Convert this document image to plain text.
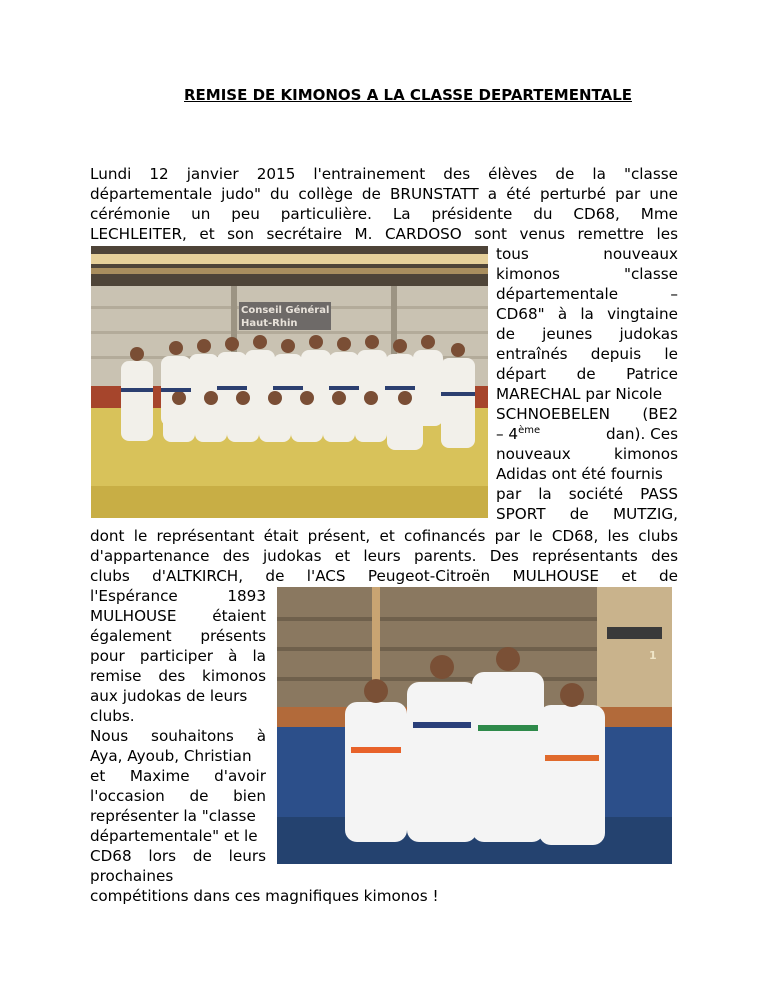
REMISE DE KIMONOS A LA CLASSE DEPARTEMENTALE

Lundi 12 janvier 2015 l'entrainement des élèves de la "classe

départementale judo" du collège de BRUNSTATT a été perturbé par une

cérémonie un peu particulière. La présidente du CD68, Mme

LECHLEITER, et son secrétaire M. CARDOSO sont venus remettre les

tous nouveaux

kimonos "classe

départementale –

CD68" à la vingtaine

de jeunes judokas

entraînés depuis le

départ de Patrice

MARECHAL par Nicole

SCHNOEBELEN (BE2

– 4ème	dan). Ces

nouveaux kimonos

Adidas ont été fournis

par la société PASS

SPORT de MUTZIG,

dont le représentant était présent, et cofinancés par le CD68, les clubs

d'appartenance des judokas et leurs parents. Des représentants des

clubs d'ALTKIRCH, de l'ACS Peugeot-Citroën MULHOUSE et de

l'Espérance 1893

MULHOUSE étaient

également présents

pour participer à la

remise des kimonos

aux judokas de leurs

clubs.

Nous souhaitons à

Aya, Ayoub, Christian

et Maxime d'avoir

l'occasion de bien

représenter la "classe

départementale" et le

CD68 lors de leurs

prochaines

compétitions dans ces magnifiques kimonos !

Conseil Général
Haut-Rhin
1
